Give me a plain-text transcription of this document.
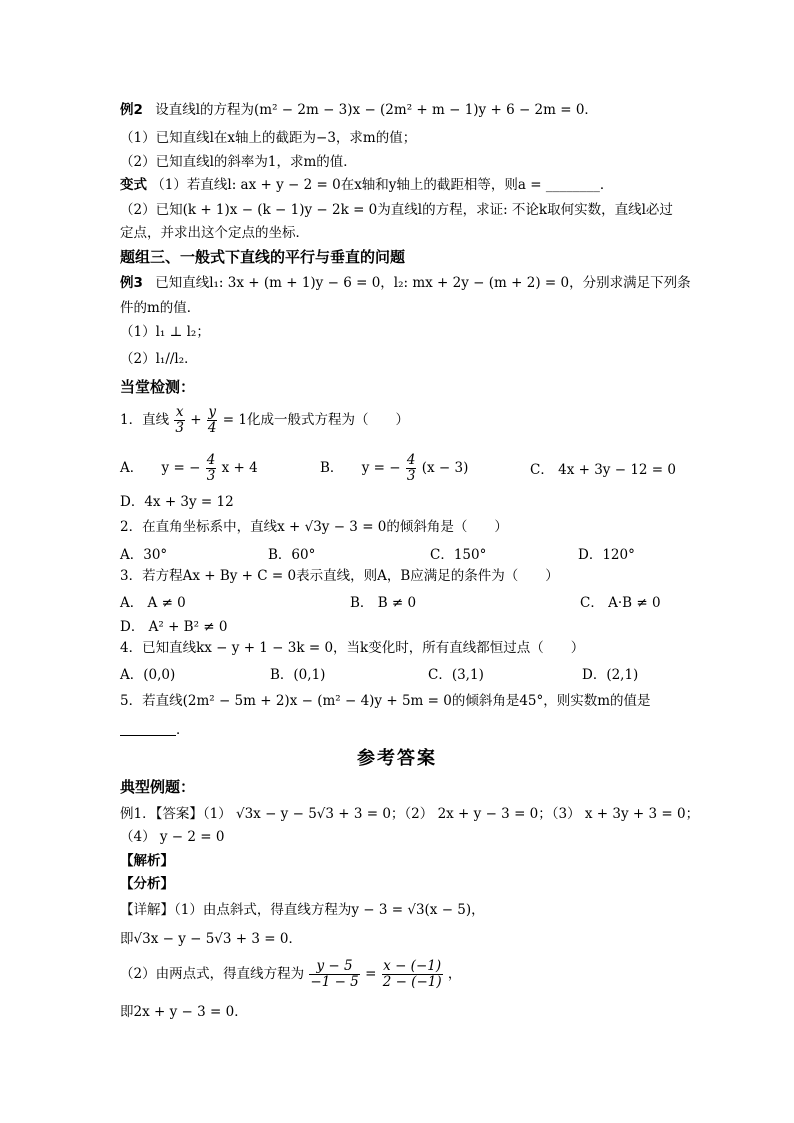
例2 设直线l的方程为(m² − 2m − 3)x − (2m² + m − 1)y + 6 − 2m = 0．
（1）已知直线l在x轴上的截距为−3，求m的值；
（2）已知直线l的斜率为1，求m的值．
变式 （1）若直线l: ax + y − 2 = 0在x轴和y轴上的截距相等，则a = ________．
（2）已知(k + 1)x − (k − 1)y − 2k = 0为直线l的方程，求证: 不论k取何实数，直线l必过
定点，并求出这个定点的坐标．
题组三、一般式下直线的平行与垂直的问题
例3 已知直线l₁: 3x + (m + 1)y − 6 = 0，l₂: mx + 2y − (m + 2) = 0，分别求满足下列条
件的m的值．
（1）l₁ ⊥ l₂；
（2）l₁//l₂．
当堂检测：
1．直线 $\frac{x}{3} + \frac{y}{4} = 1$化成一般式方程为（　　）
A． y = − $\frac{4}{3}$ x + 4	B． y = − $\frac{4}{3} (x - 3)$	C． 4x + 3y − 12 = 0
D．4x + 3y = 12
2．在直角坐标系中，直线x + √3y − 3 = 0的倾斜角是（　　）
A．30°	B．60°	C．150°	D．120°
3．若方程Ax + By + C = 0表示直线，则A，B应满足的条件为（　　）
A． A ≠ 0	B． B ≠ 0	C． A·B ≠ 0
D． A² + B² ≠ 0
4．已知直线kx − y + 1 − 3k = 0，当k变化时，所有直线都恒过点（　　）
A．(0,0)	B．(0,1)	C．(3,1)	D．(2,1)
5．若直线(2m² − 5m + 2)x − (m² − 4)y + 5m = 0的倾斜角是45°，则实数m的值是
．
参考答案
典型例题：
例1．【答案】（1） √3x − y − 5√3 + 3 = 0；（2） 2x + y − 3 = 0；（3） x + 3y + 3 = 0；
（4） y − 2 = 0
【解析】
【分析】
【详解】（1）由点斜式，得直线方程为y − 3 = √3(x − 5)，
即√3x − y − 5√3 + 3 = 0．
（2）由两点式，得直线方程为 $\frac{y - 5}{-1 - 5} = \frac{x - (-1)}{2 - (-1)}$ ，
即2x + y − 3 = 0．
